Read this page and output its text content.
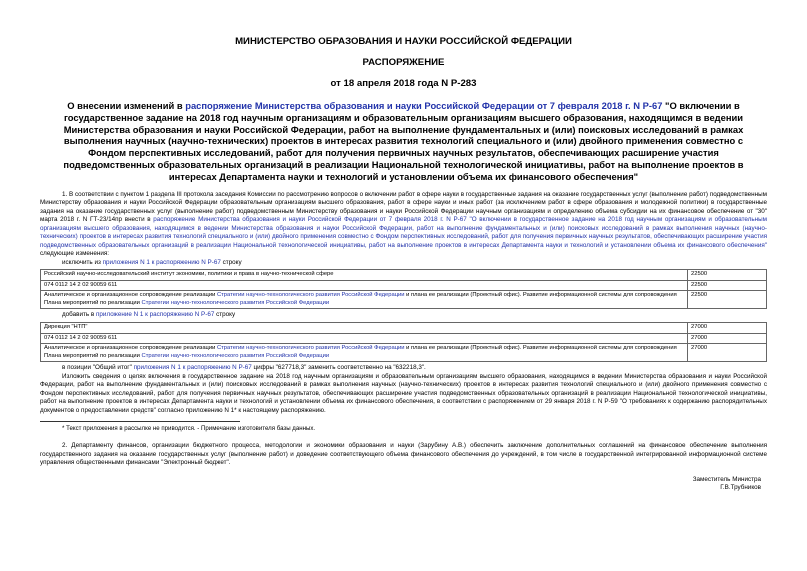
МИНИСТЕРСТВО ОБРАЗОВАНИЯ И НАУКИ РОССИЙСКОЙ ФЕДЕРАЦИИ
РАСПОРЯЖЕНИЕ
от 18 апреля 2018 года N Р-283
О внесении изменений в распоряжение Министерства образования и науки Российской Федерации от 7 февраля 2018 г. N Р-67 "О включении в государственное задание на 2018 год научным организациям и образовательным организациям высшего образования, находящимся в ведении Министерства образования и науки Российской Федерации, работ на выполнение фундаментальных и (или) поисковых исследований в рамках выполнения научных (научно-технических) проектов в интересах развития технологий специального и (или) двойного применения совместно с Фондом перспективных исследований, работ для получения первичных научных результатов, обеспечивающих расширение участия подведомственных образовательных организаций в реализации Национальной технологической инициативы, работ на выполнение проектов в интересах Департамента науки и технологий и установлении объема их финансового обеспечения"

1. В соответствии с пунктом 1 раздела III протокола заседания Комиссии по рассмотрению вопросов о включении работ в сфере науки в государственные задания на оказание государственных услуг (выполнение работ) подведомственным Министерству образования и науки Российской Федерации образовательным организациям высшего образования, работ в сфере науки и иных работ (за исключением работ в сфере образования и молодежной политики) в государственные задания на оказание государственных услуг (выполнение работ) подведомственным Министерству образования и науки Российской Федерации научным организациям и определению объема субсидии на их финансовое обеспечение от "30" марта 2018 г. N ГТ-23/14пр внести в распоряжение Министерства образования и науки Российской Федерации от 7 февраля 2018 г. N Р-67 "О включении в государственное задание на 2018 год научным организациям и образовательным организациям высшего образования, находящимся в ведении Министерства образования и науки Российской Федерации, работ на выполнение фундаментальных и (или) поисковых исследований в рамках выполнения научных (научно-технических) проектов в интересах развития технологий специального и (или) двойного применения совместно с Фондом перспективных исследований, работ для получения первичных научных результатов, обеспечивающих расширение участия подведомственных образовательных организаций в реализации Национальной технологической инициативы, работ на выполнение проектов в интересах Департамента науки и технологий и установлении объема их финансового обеспечения" следующие изменения:

исключить из приложения N 1 к распоряжению N Р-67 строку
Российский научно-исследовательский институт экономики, политики и права в научно-технической сфере	22500
074 0112 14 2 02 90059 611	22500
Аналитическое и организационное сопровождение реализации Стратегии научно-технологического развития Российской Федерации и плана ее реализации (Проектный офис). Развитие информационной системы для сопровождения Плана мероприятий по реализации Стратегии научно-технологического развития Российской Федерации	22500
добавить в приложение N 1 к распоряжению N Р-67 строку
Дирекция "НТП"	27000
074 0112 14 2 02 90059 611	27000
Аналитическое и организационное сопровождение реализации Стратегии научно-технологического развития Российской Федерации и плана ее реализации (Проектный офис). Развитие информационной системы для сопровождения Плана мероприятий по реализации Стратегии научно-технологического развития Российской Федерации	27000
в позиции "Общий итог" приложения N 1 к распоряжению N Р-67 цифры "627718,3" заменить соответственно на "632218,3".

Изложить сведения о целях включения в государственное задание на 2018 год научным организациям и образовательным организациям высшего образования, находящимся в ведении Министерства образования и науки Российской Федерации, работ на выполнение фундаментальных и (или) поисковых исследований в рамках выполнения научных (научно-технических) проектов в интересах развития технологий специального и (или) двойного применения совместно с Фондом перспективных исследований, работ для получения первичных научных результатов, обеспечивающих расширение участия подведомственных образовательных организаций в реализации Национальной технологической инициативы, работ на выполнение проектов в интересах Департамента науки и технологий и установлении объема их финансового обеспечения, в соответствии с распоряжением от 29 января 2018 г. N Р-59 "О требованиях к содержанию распорядительных документов о предоставлении средств" согласно приложению N 1* к настоящему распоряжению.

* Текст приложения в рассылке не приводится. - Примечание изготовителя базы данных.

2. Департаменту финансов, организации бюджетного процесса, методологии и экономики образования и науки (Зарубину А.В.) обеспечить заключение дополнительных соглашений на финансовое обеспечение выполнения государственного задания на оказание государственных услуг (выполнение работ) и доведение соответствующего объема финансового обеспечения до учреждений, в том числе в государственной интегрированной информационной системе управления общественными финансами "Электронный бюджет".

Заместитель Министра
Г.В.Трубников
